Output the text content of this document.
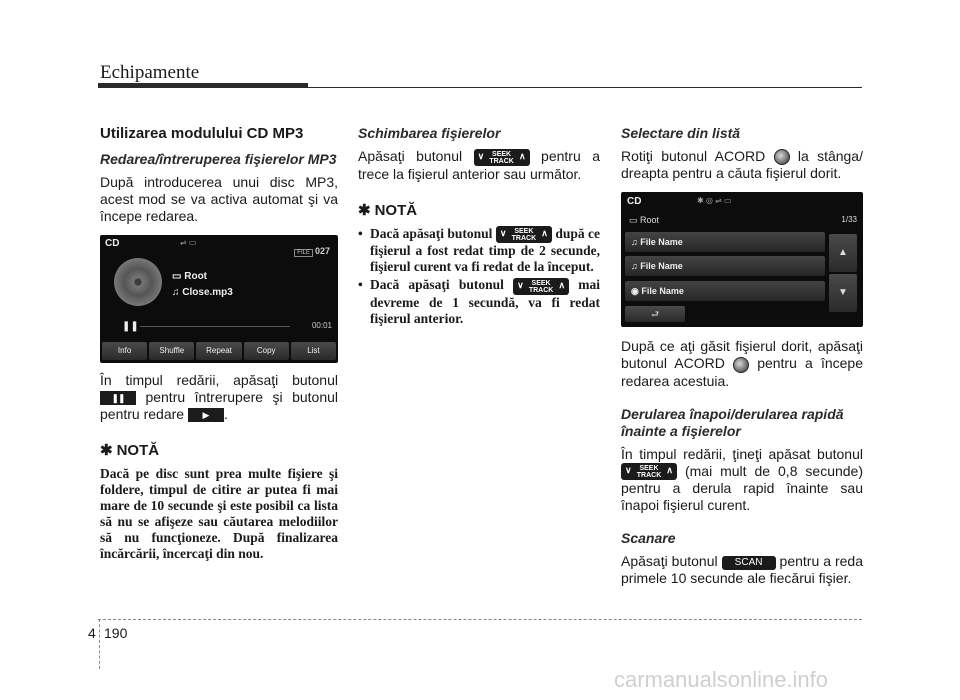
Echipamente
Utilizarea modulului CD MP3
Redarea/întreruperea fişierelor MP3

După introducerea unui disc MP3, acest mod se va activa automat şi va începe redarea.

CD	⇌ ▭
FILE 027
▭ Root
♫ Close.mp3
❚❚	00:01
Info	Shuffle	Repeat	Copy	List

În timpul redării, apăsaţi butonul ❚❚ pentru întrerupere şi butonul pentru redare ▶ .

✱ NOTĂ
Dacă pe disc sunt prea multe fişiere şi foldere, timpul de citire ar putea fi mai mare de 10 secunde şi este posibil ca lista să nu se afişeze sau căutarea melodiilor să nu funcţioneze. După finalizarea încărcării, încercaţi din nou.
Schimbarea fişierelor

Apăsaţi butonul ∨ SEEK
TRACK
∧ pentru a trece la fişierul anterior sau următor.

✱ NOTĂ
• Dacă apăsaţi butonul ∨ SEEK
TRACK
∧ după ce fişierul a fost redat timp de 2 secunde, fişierul curent va fi redat de la început.
• Dacă apăsaţi butonul ∨ SEEK
TRACK
∧ mai devreme de 1 secundă, va fi redat fişierul anterior.
Selectare din listă

Rotiţi butonul ACORD la stânga/ dreapta pentru a căuta fişierul dorit.

CD	✱ ◎ ⇌ ▭
▭ Root	1/33
♫ File Name
♫ File Name
◉ File Name
▲
▼
⮐

După ce aţi găsit fişierul dorit, apăsaţi butonul ACORD pentru a începe redarea acestuia.

Derularea înapoi/derularea rapidă înainte a fişierelor

În timpul redării, ţineţi apăsat butonul
∨ SEEK
TRACK
∧ (mai mult de 0,8 secunde) pentru a derula rapid înainte sau înapoi fişierul curent.

Scanare

Apăsaţi butonul SCAN pentru a reda primele 10 secunde ale fiecărui fişier.

4 190
carmanualsonline.info
